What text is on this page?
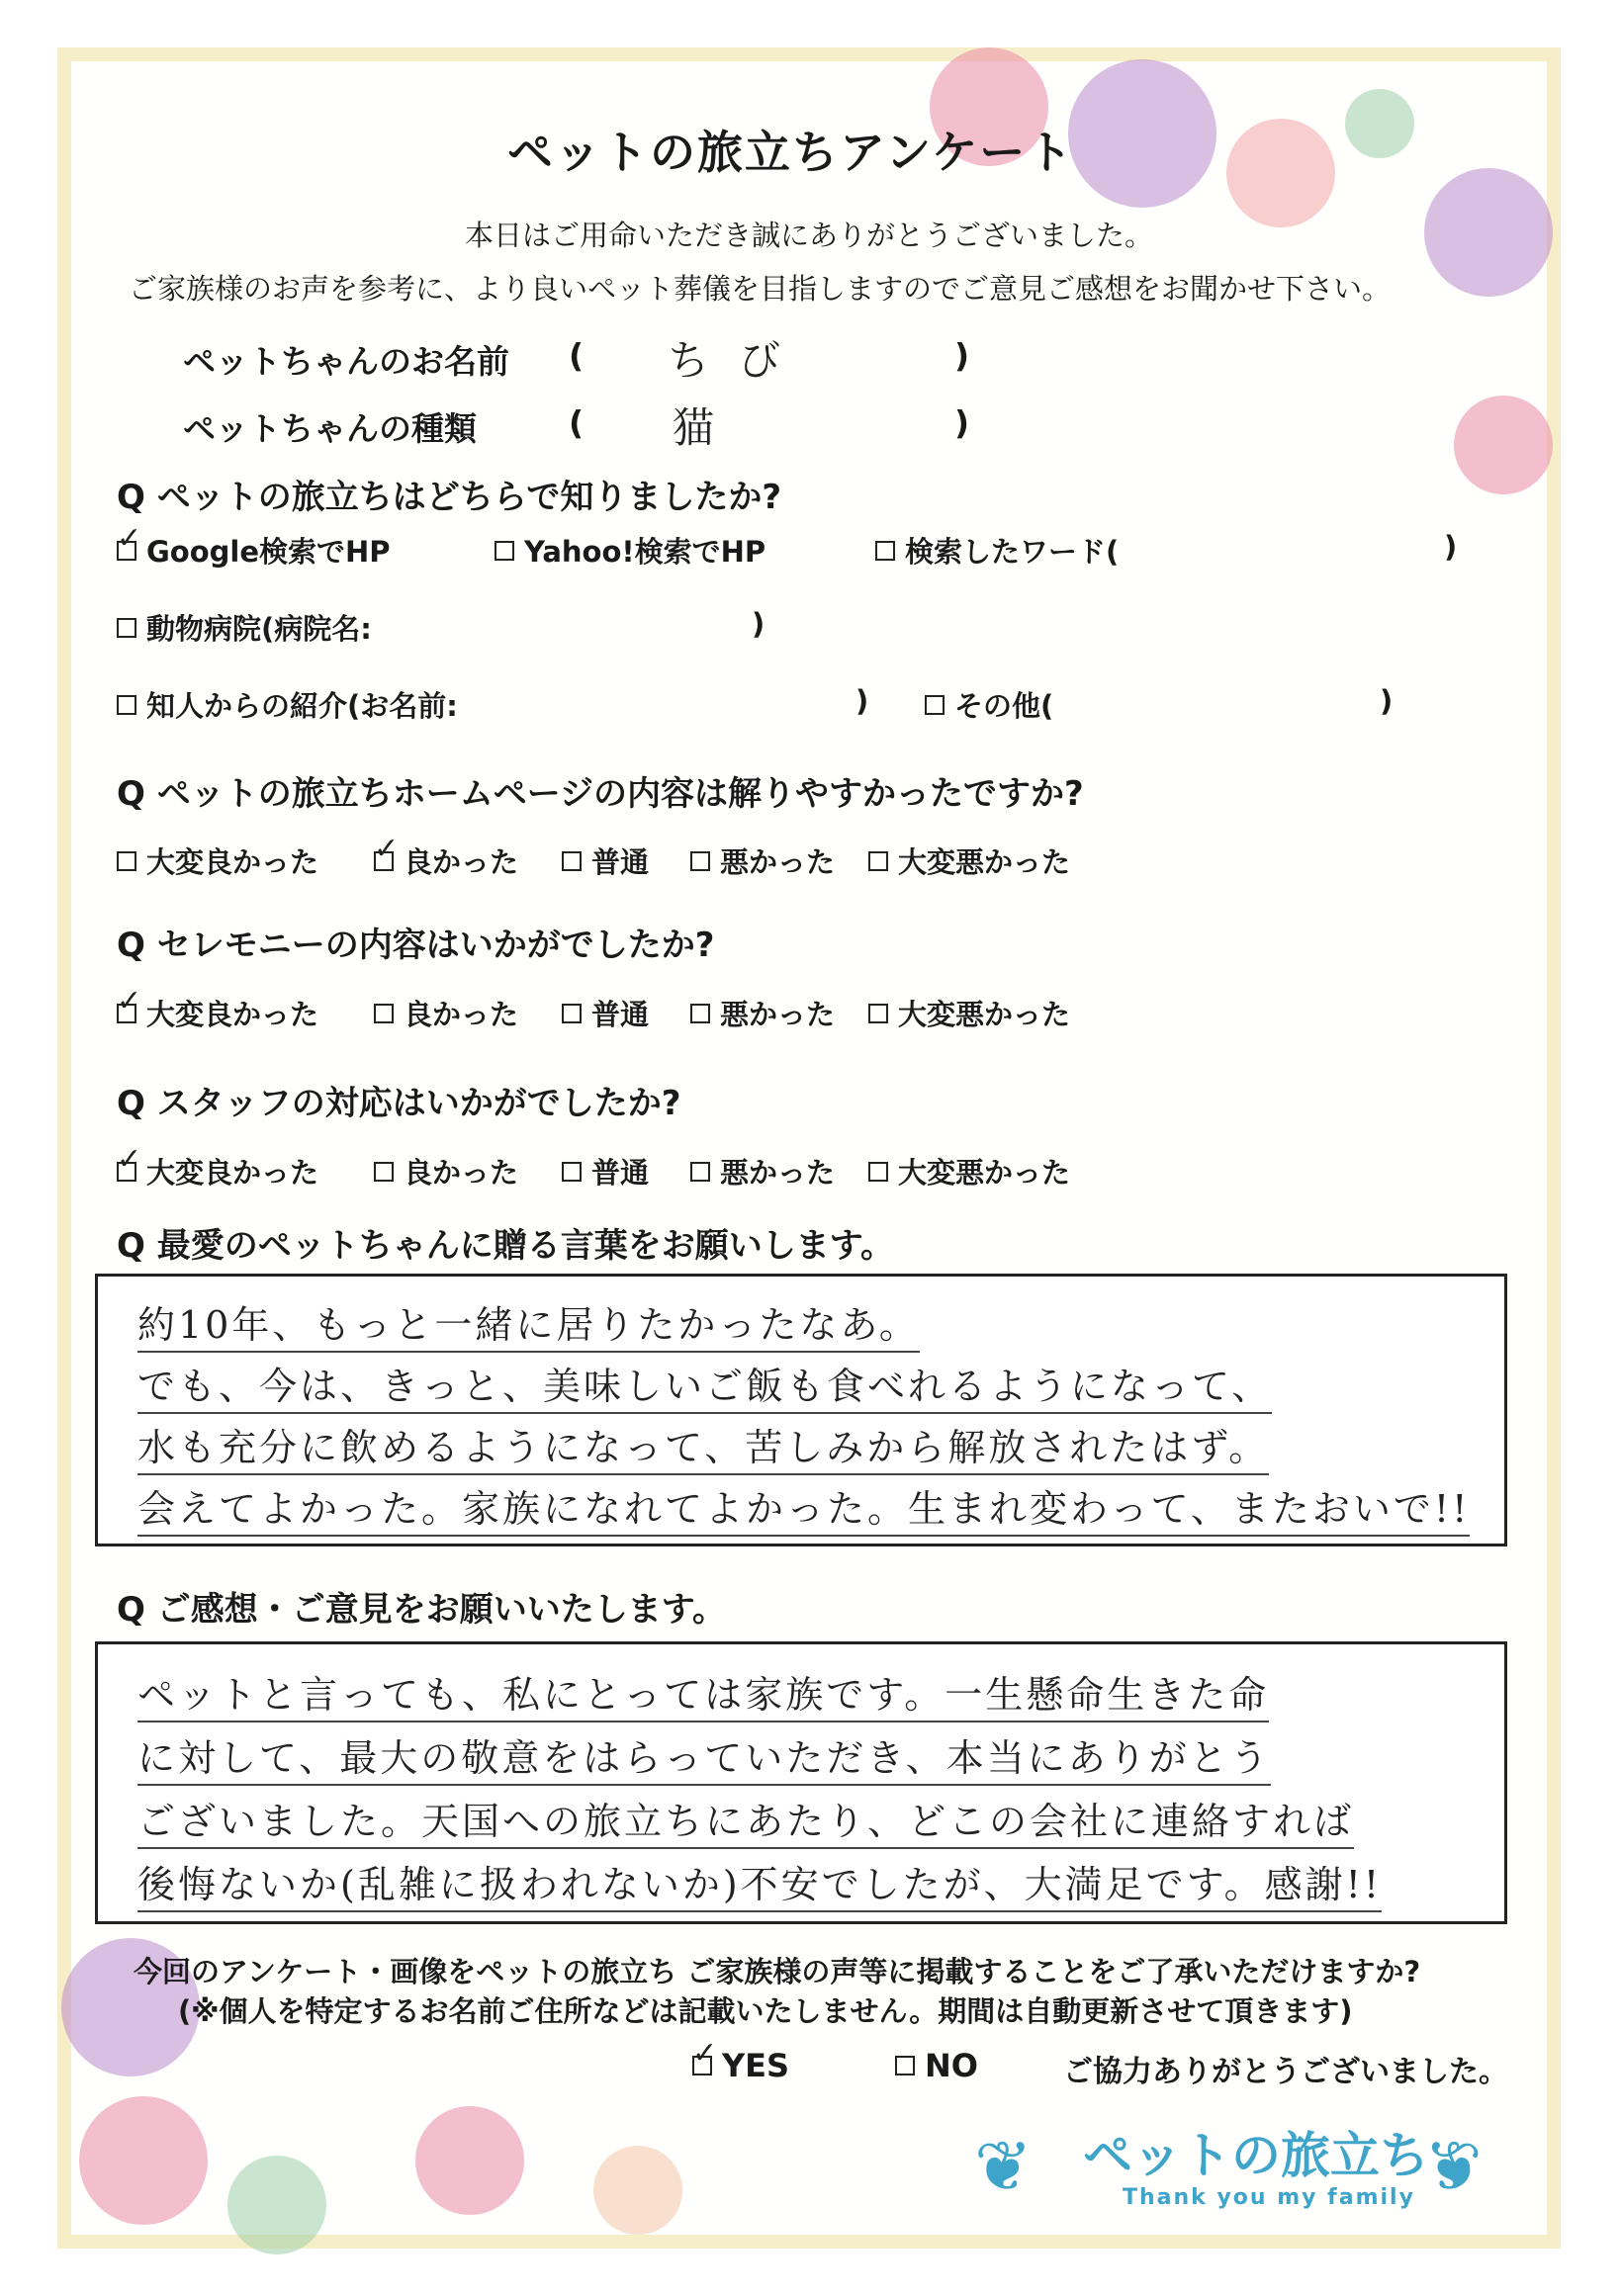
ペットの旅立ちアンケート
本日はご用命いただき誠にありがとうございました。
ご家族様のお声を参考に、より良いペット葬儀を目指しますのでご意見ご感想をお聞かせ下さい。
ペットちゃんのお名前 ( ちび	)
ペットちゃんの種類	( 猫	)
Q ペットの旅立ちはどちらで知りましたか?
✓
Google検索でHP	Yahoo!検索でHP	検索したワード(	)
動物病院(病院名:	)
知人からの紹介(お名前:	)	その他(	)
Q ペットの旅立ちホームページの内容は解りやすかったですか?
大変良かった
✓	良かった	普通 悪かった 大変悪かった
Q セレモニーの内容はいかがでしたか?
✓
大変良かった	良かった	普通 悪かった 大変悪かった
Q スタッフの対応はいかがでしたか?
✓
大変良かった	良かった	普通 悪かった 大変悪かった
Q 最愛のペットちゃんに贈る言葉をお願いします。
約10年、もっと一緒に居りたかったなあ。
でも、今は、きっと、美味しいご飯も食べれるようになって、
水も充分に飲めるようになって、苦しみから解放されたはず。
会えてよかった。家族になれてよかった。生まれ変わって、またおいで!!
Q ご感想・ご意見をお願いいたします。
ペットと言っても、私にとっては家族です。一生懸命生きた命
に対して、最大の敬意をはらっていただき、本当にありがとう
ございました。天国への旅立ちにあたり、どこの会社に連絡すれば
後悔ないか(乱雑に扱われないか)不安でしたが、大満足です。感謝!!
今回のアンケート・画像をペットの旅立ち ご家族様の声等に掲載することをご了承いただけますか?
(※個人を特定するお名前ご住所などは記載いたしません。期間は自動更新させて頂きます)
✓
YES	NO	ご協力ありがとうございました。
❦ ペットの旅立ち
Thank you my family ❦
